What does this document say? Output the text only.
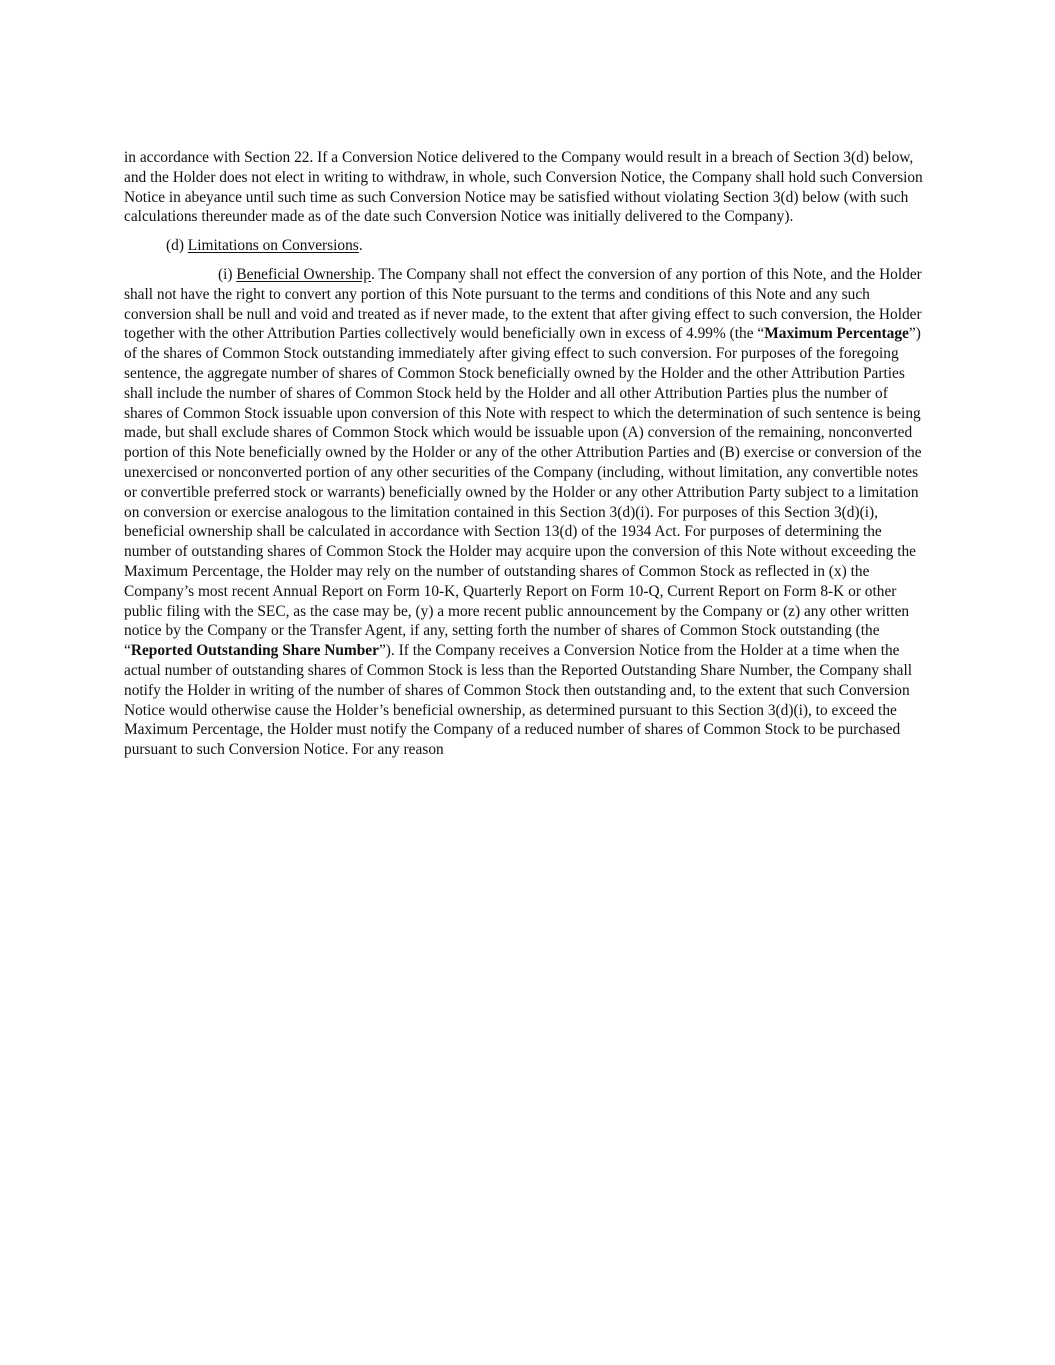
in accordance with Section 22. If a Conversion Notice delivered to the Company would result in a breach of Section 3(d) below, and the Holder does not elect in writing to withdraw, in whole, such Conversion Notice, the Company shall hold such Conversion Notice in abeyance until such time as such Conversion Notice may be satisfied without violating Section 3(d) below (with such calculations thereunder made as of the date such Conversion Notice was initially delivered to the Company).

(d) Limitations on Conversions.

(i) Beneficial Ownership. The Company shall not effect the conversion of any portion of this Note, and the Holder shall not have the right to convert any portion of this Note pursuant to the terms and conditions of this Note and any such conversion shall be null and void and treated as if never made, to the extent that after giving effect to such conversion, the Holder together with the other Attribution Parties collectively would beneficially own in excess of 4.99% (the “Maximum Percentage”) of the shares of Common Stock outstanding immediately after giving effect to such conversion. For purposes of the foregoing sentence, the aggregate number of shares of Common Stock beneficially owned by the Holder and the other Attribution Parties shall include the number of shares of Common Stock held by the Holder and all other Attribution Parties plus the number of shares of Common Stock issuable upon conversion of this Note with respect to which the determination of such sentence is being made, but shall exclude shares of Common Stock which would be issuable upon (A) conversion of the remaining, nonconverted portion of this Note beneficially owned by the Holder or any of the other Attribution Parties and (B) exercise or conversion of the unexercised or nonconverted portion of any other securities of the Company (including, without limitation, any convertible notes or convertible preferred stock or warrants) beneficially owned by the Holder or any other Attribution Party subject to a limitation on conversion or exercise analogous to the limitation contained in this Section 3(d)(i). For purposes of this Section 3(d)(i), beneficial ownership shall be calculated in accordance with Section 13(d) of the 1934 Act. For purposes of determining the number of outstanding shares of Common Stock the Holder may acquire upon the conversion of this Note without exceeding the Maximum Percentage, the Holder may rely on the number of outstanding shares of Common Stock as reflected in (x) the Company’s most recent Annual Report on Form 10-K, Quarterly Report on Form 10-Q, Current Report on Form 8-K or other public filing with the SEC, as the case may be, (y) a more recent public announcement by the Company or (z) any other written notice by the Company or the Transfer Agent, if any, setting forth the number of shares of Common Stock outstanding (the “Reported Outstanding Share Number”). If the Company receives a Conversion Notice from the Holder at a time when the actual number of outstanding shares of Common Stock is less than the Reported Outstanding Share Number, the Company shall notify the Holder in writing of the number of shares of Common Stock then outstanding and, to the extent that such Conversion Notice would otherwise cause the Holder’s beneficial ownership, as determined pursuant to this Section 3(d)(i), to exceed the Maximum Percentage, the Holder must notify the Company of a reduced number of shares of Common Stock to be purchased pursuant to such Conversion Notice. For any reason
